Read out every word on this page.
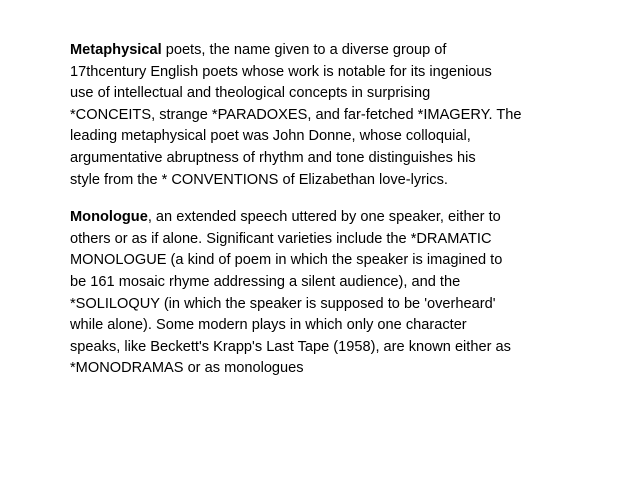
Metaphysical poets, the name given to a diverse group of
17thcentury English poets whose work is notable for its ingenious
use of intellectual and theological concepts in surprising
*CONCEITS, strange *PARADOXES, and far-fetched *IMAGERY. The
leading metaphysical poet was John Donne, whose colloquial,
argumentative abruptness of rhythm and tone distinguishes his
style from the * CONVENTIONS of Elizabethan love-lyrics.

Monologue, an extended speech uttered by one speaker, either to
others or as if alone. Significant varieties include the *DRAMATIC
MONOLOGUE (a kind of poem in which the speaker is imagined to
be 161 mosaic rhyme addressing a silent audience), and the
*SOLILOQUY (in which the speaker is supposed to be 'overheard'
while alone). Some modern plays in which only one character
speaks, like Beckett's Krapp's Last Tape (1958), are known either as
*MONODRAMAS or as monologues
